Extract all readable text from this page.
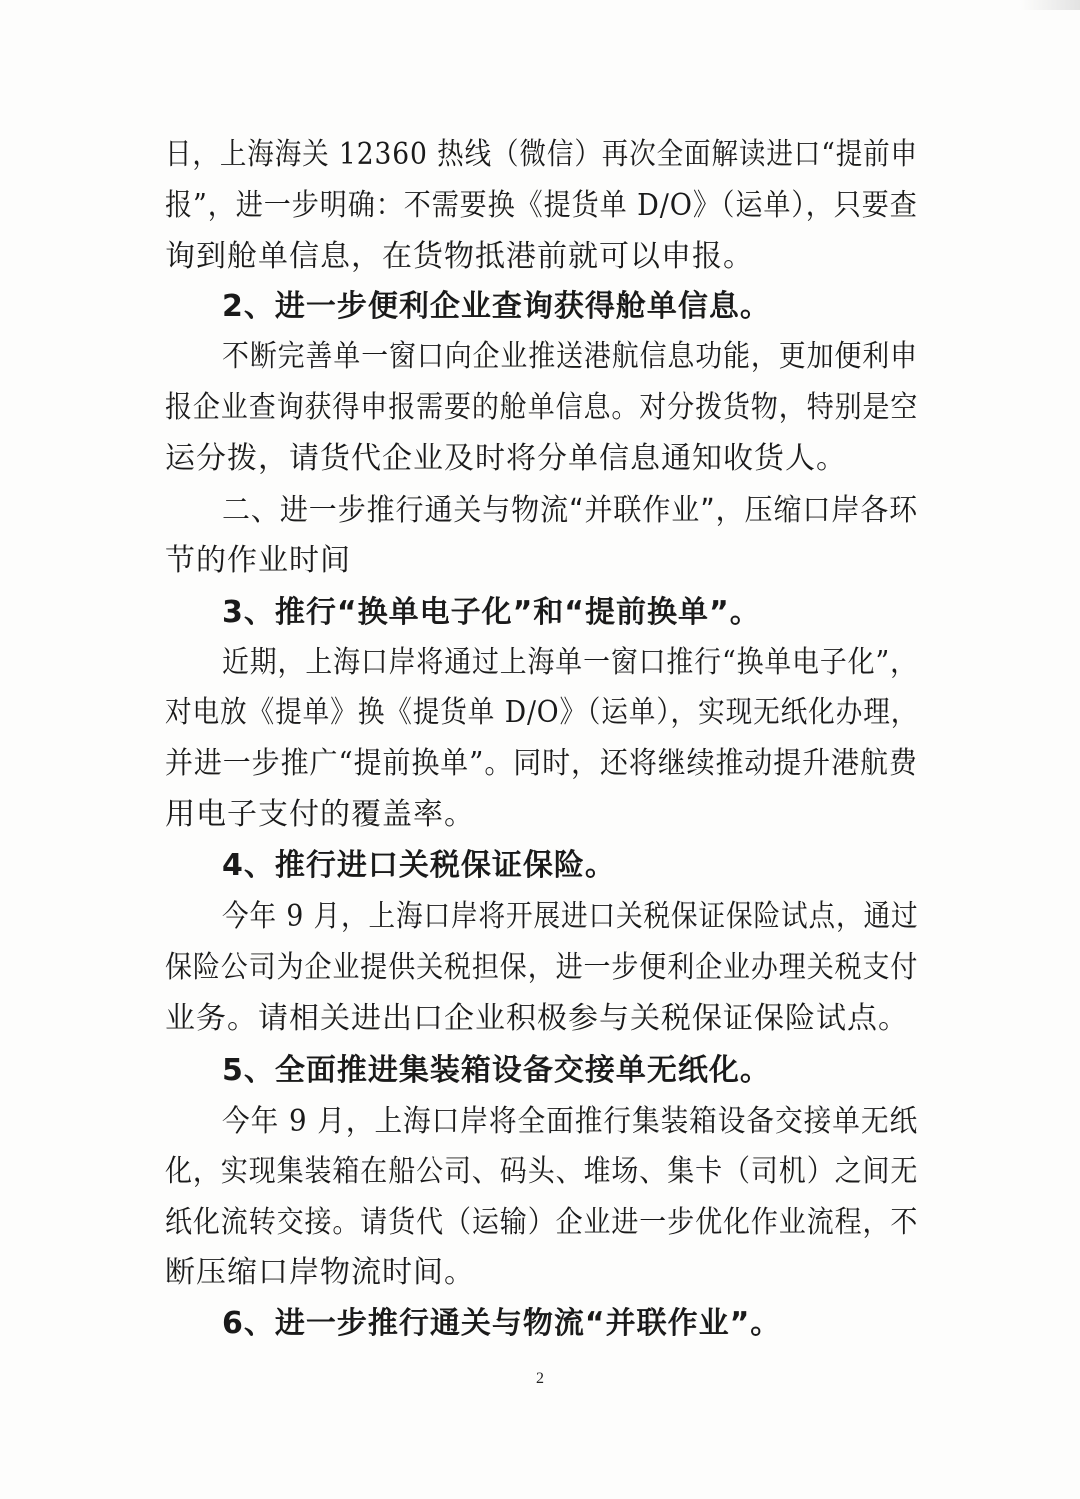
日，上海海关 12360 热线（微信）再次全面解读进口“提前申
报”，进一步明确：不需要换《提货单 D/O》（运单），只要查
询到舱单信息，在货物抵港前就可以申报。
2、进一步便利企业查询获得舱单信息。
不断完善单一窗口向企业推送港航信息功能，更加便利申
报企业查询获得申报需要的舱单信息。对分拨货物，特别是空
运分拨，请货代企业及时将分单信息通知收货人。
二、进一步推行通关与物流“并联作业”，压缩口岸各环
节的作业时间
3、推行“换单电子化”和“提前换单”。
近期，上海口岸将通过上海单一窗口推行“换单电子化”，
对电放《提单》换《提货单 D/O》（运单），实现无纸化办理，
并进一步推广“提前换单”。同时，还将继续推动提升港航费
用电子支付的覆盖率。
4、推行进口关税保证保险。
今年 9 月，上海口岸将开展进口关税保证保险试点，通过
保险公司为企业提供关税担保，进一步便利企业办理关税支付
业务。请相关进出口企业积极参与关税保证保险试点。
5、全面推进集装箱设备交接单无纸化。
今年 9 月，上海口岸将全面推行集装箱设备交接单无纸
化，实现集装箱在船公司、码头、堆场、集卡（司机）之间无
纸化流转交接。请货代（运输）企业进一步优化作业流程，不
断压缩口岸物流时间。
6、进一步推行通关与物流“并联作业”。
2
